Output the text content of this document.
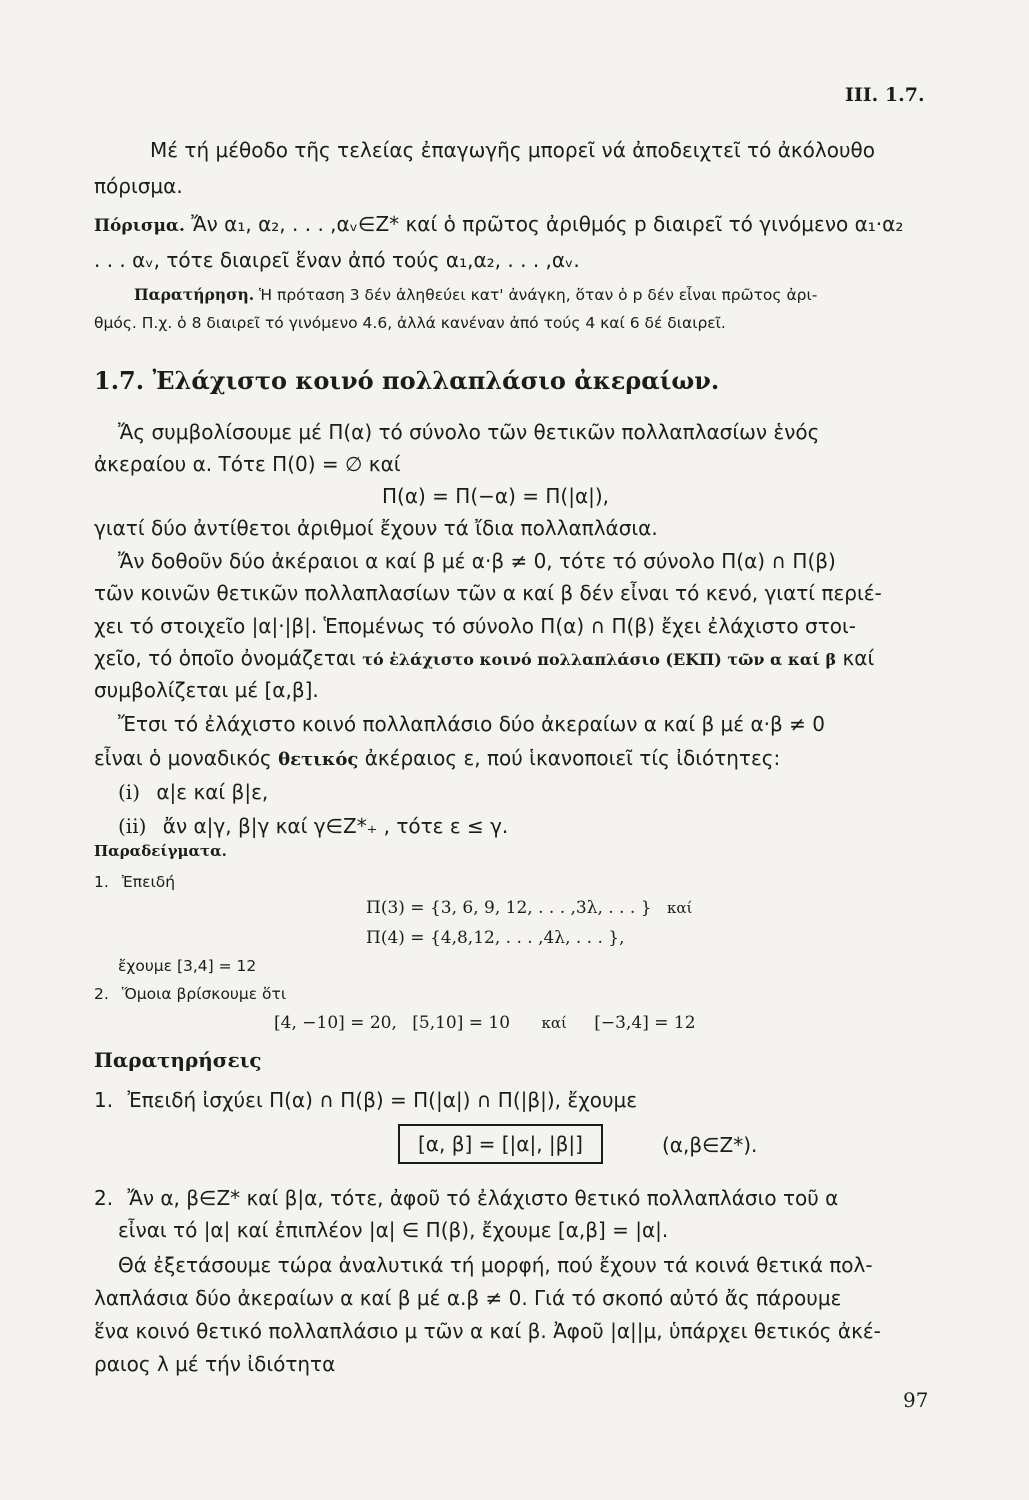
III. 1.7.
Μέ τή μέθοδο τῆς τελείας ἐπαγωγῆς μπορεῖ νά ἀποδειχτεῖ τό ἀκόλουθο
πόρισμα.
Πόρισμα. Ἄν α₁, α₂, . . . ,αᵥ∈Z* καί ὁ πρῶτος ἀριθμός p διαιρεῖ τό γινόμενο α₁·α₂
. . . αᵥ, τότε διαιρεῖ ἕναν ἀπό τούς α₁,α₂, . . . ,αᵥ.
Παρατήρηση. Ἡ πρόταση 3 δέν ἀληθεύει κατ' ἀνάγκη, ὅταν ὁ p δέν εἶναι πρῶτος ἀρι-
θμός. Π.χ. ὁ 8 διαιρεῖ τό γινόμενο 4.6, ἀλλά κανέναν ἀπό τούς 4 καί 6 δέ διαιρεῖ.
1.7. Ἐλάχιστο κοινό πολλαπλάσιο ἀκεραίων.
Ἄς συμβολίσουμε μέ Π(α) τό σύνολο τῶν θετικῶν πολλαπλασίων ἑνός
ἀκεραίου α. Τότε Π(0) = ∅ καί
Π(α) = Π(−α) = Π(|α|),
γιατί δύο ἀντίθετοι ἀριθμοί ἔχουν τά ἴδια πολλαπλάσια.
Ἄν δοθοῦν δύο ἀκέραιοι α καί β μέ α·β ≠ 0, τότε τό σύνολο Π(α) ∩ Π(β)
τῶν κοινῶν θετικῶν πολλαπλασίων τῶν α καί β δέν εἶναι τό κενό, γιατί περιέ-
χει τό στοιχεῖο |α|·|β|. Ἑπομένως τό σύνολο Π(α) ∩ Π(β) ἔχει ἐλάχιστο στοι-
χεῖο, τό ὁποῖο ὀνομάζεται τό ἐλάχιστο κοινό πολλαπλάσιο (ΕΚΠ) τῶν α καί β καί
συμβολίζεται μέ [α,β].
Ἔτσι τό ἐλάχιστο κοινό πολλαπλάσιο δύο ἀκεραίων α καί β μέ α·β ≠ 0
εἶναι ὁ μοναδικός θετικός ἀκέραιος ε, πού ἱκανοποιεῖ τίς ἰδιότητες:
(i) α|ε καί β|ε,
(ii) ἄν α|γ, β|γ καί γ∈Z*₊ , τότε ε ≤ γ.
Παραδείγματα.
1. Ἐπειδή
Π(3) = {3, 6, 9, 12, . . . ,3λ, . . . } καί
Π(4) = {4,8,12, . . . ,4λ, . . . },
ἔχουμε [3,4] = 12
2. Ὅμοια βρίσκουμε ὅτι
[4, −10] = 20, [5,10] = 10 καί [−3,4] = 12
Παρατηρήσεις
1. Ἐπειδή ἰσχύει Π(α) ∩ Π(β) = Π(|α|) ∩ Π(|β|), ἔχουμε
[α, β] = [|α|, |β|]	(α,β∈Z*).
2. Ἄν α, β∈Z* καί β|α, τότε, ἀφοῦ τό ἐλάχιστο θετικό πολλαπλάσιο τοῦ α
εἶναι τό |α| καί ἐπιπλέον |α| ∈ Π(β), ἔχουμε [α,β] = |α|.
Θά ἐξετάσουμε τώρα ἀναλυτικά τή μορφή, πού ἔχουν τά κοινά θετικά πολ-
λαπλάσια δύο ἀκεραίων α καί β μέ α.β ≠ 0. Γιά τό σκοπό αὐτό ἄς πάρουμε
ἕνα κοινό θετικό πολλαπλάσιο μ τῶν α καί β. Ἀφοῦ |α||μ, ὑπάρχει θετικός ἀκέ-
ραιος λ μέ τήν ἰδιότητα
97
